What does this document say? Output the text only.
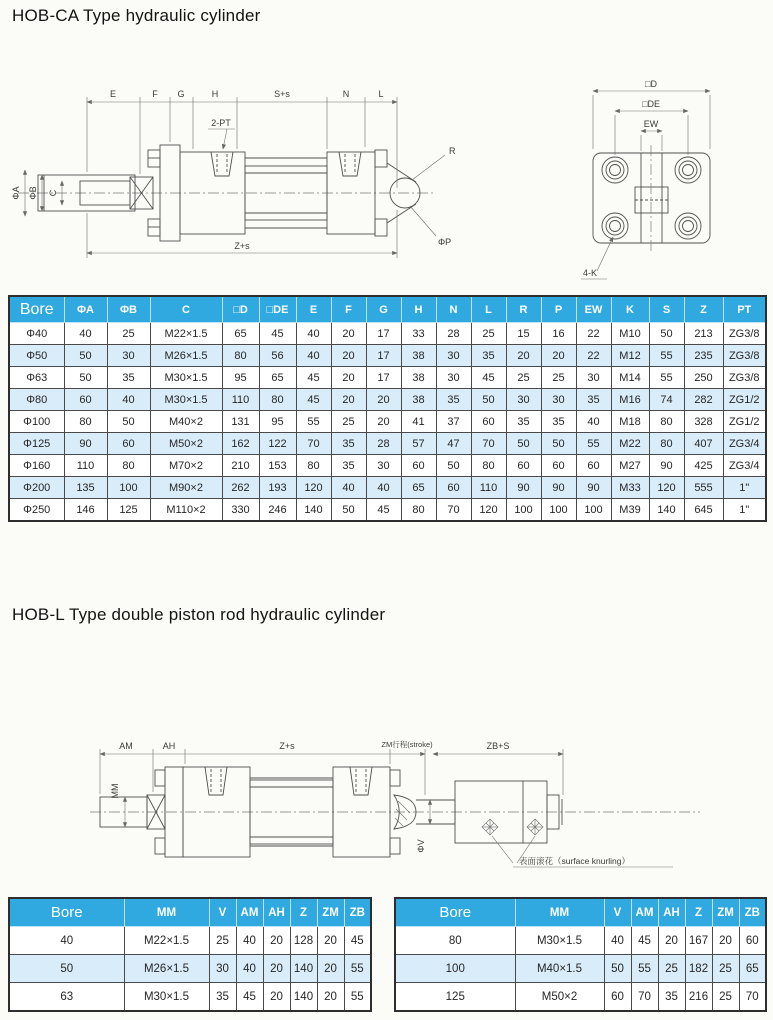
HOB-CA Type hydraulic cylinder
E	F G	H	S+s	N	L
2-PT
ΦA ΦB C
Z+s
R
ΦP
□D
□DE
EW
4-K
Bore	ΦA	ΦB	C	□D	□DE	E	F	G	H	N	L	R	P	EW	K	S	Z	PT
Φ40	40	25	M22×1.5	65	45	40	20	17	33	28	25	15	16	22	M10	50	213	ZG3/8
Φ50	50	30	M26×1.5	80	56	40	20	17	38	30	35	20	20	22	M12	55	235	ZG3/8
Φ63	50	35	M30×1.5	95	65	45	20	17	38	30	45	25	25	30	M14	55	250	ZG3/8
Φ80	60	40	M30×1.5	110	80	45	20	20	38	35	50	30	30	35	M16	74	282	ZG1/2
Φ100	80	50	M40×2	131	95	55	25	20	41	37	60	35	35	40	M18	80	328	ZG1/2
Φ125	90	60	M50×2	162	122	70	35	28	57	47	70	50	50	55	M22	80	407	ZG3/4
Φ160	110	80	M70×2	210	153	80	35	30	60	50	80	60	60	60	M27	90	425	ZG3/4
Φ200	135	100	M90×2	262	193	120	40	40	65	60	110	90	90	90	M33	120	555	1"
Φ250	146	125	M110×2	330	246	140	50	45	80	70	120	100	100	100	M39	140	645	1"
HOB-L Type double piston rod hydraulic cylinder
AM	AH	Z+s	ZM行程(stroke)	ZB+S
MM
ΦV
表面滚花（surface knurling）
Bore	MM	V	AM	AH	Z	ZM	ZB
40	M22×1.5	25	40	20	128	20	45
50	M26×1.5	30	40	20	140	20	55
63	M30×1.5	35	45	20	140	20	55
Bore	MM	V	AM	AH	Z	ZM	ZB
80	M30×1.5	40	45	20	167	20	60
100	M40×1.5	50	55	25	182	25	65
125	M50×2	60	70	35	216	25	70
